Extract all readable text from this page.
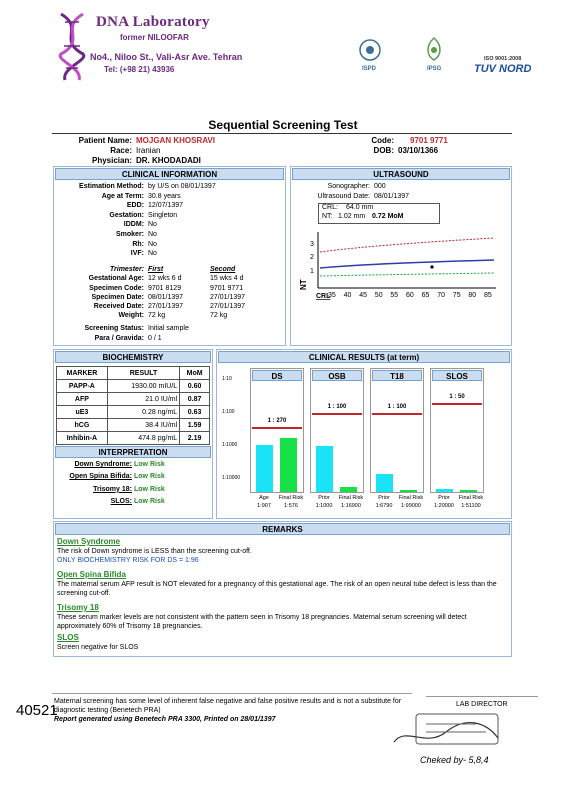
DNA Laboratory
former NILOOFAR
No4., Niloo St., Vali-Asr Ave. Tehran
Tel: (+98 21) 43936	ISPD	IPSG
ISO 9001:2008
TUV NORD
Sequential Screening Test
Patient Name: MOJGAN KHOSRAVI
Race: Iranian
Physician: DR. KHODADADI
Code: 9701 9771
DOB: 03/10/1366
CLINICAL INFORMATION
Estimation Method: by U/S on 08/01/1397
Age at Term: 30.8 years
EDD: 12/07/1397
Gestation: Singleton
IDDM: No
Smoker: No
Rh: No
IVF: No
Trimester: First	Second
Gestational Age: 12 wks 6 d	15 wks 4 d
Specimen Code: 9701 8129	9701 9771
Specimen Date: 08/01/1397	27/01/1397
Received Date: 27/01/1397	27/01/1397
Weight: 72 kg	72 kg
Screening Status: Initial sample
Para / Gravida: 0 / 1
ULTRASOUND
Sonographer: 000
Ultrasound Date: 08/01/1397
CRL: 64.0 mm
NT: 1.02 mm 0.72 MoM
3
2
1
NT
CRL
35 40 45 50 55 60 65 70 75 80 85
BIOCHEMISTRY
MARKER	RESULT	MoM
PAPP-A	1930.00 mIU/L	0.60
AFP	21.0 IU/ml	0.87
uE3	0.28 ng/mL	0.63
hCG	38.4 IU/ml	1.59
Inhibin-A	474.8 pg/mL	2.19
INTERPRETATION
Down Syndrome: Low Risk
Open Spina Bifida: Low Risk
Trisomy 18: Low Risk
SLOS: Low Risk
CLINICAL RESULTS (at term)
1:10
1:100
1:1000
1:10000
DS
1 : 270
Age
1:907
Final Risk
1:576
OSB
1 : 100
Prior
1:1000
Final Risk
1:16900
T18
1 : 100
Prior
1:6790
Final Risk
1:99000
SLOS
1 : 50
Prior
1:20000
Final Risk
1:51100
REMARKS
Down Syndrome
The risk of Down syndrome is LESS than the screening cut-off.
ONLY BIOCHEMISTRY RISK FOR DS = 1:96
Open Spina Bifida
The maternal serum AFP result is NOT elevated for a pregnancy of this gestational age. The risk of an open neural tube defect is less than the screening cut-off.
Trisomy 18
These serum marker levels are not consistent with the pattern seen in Trisomy 18 pregnancies. Maternal serum screening will detect approximately 60% of Trisomy 18 pregnancies.
SLOS
Screen negative for SLOS
Maternal screening has some level of inherent false negative and false positive results and is not a substitute for diagnostic testing (Benetech PRA)
Report generated using Benetech PRA 3300, Printed on 28/01/1397
40521	LAB DIRECTOR
Cheked by- 5,8,4
